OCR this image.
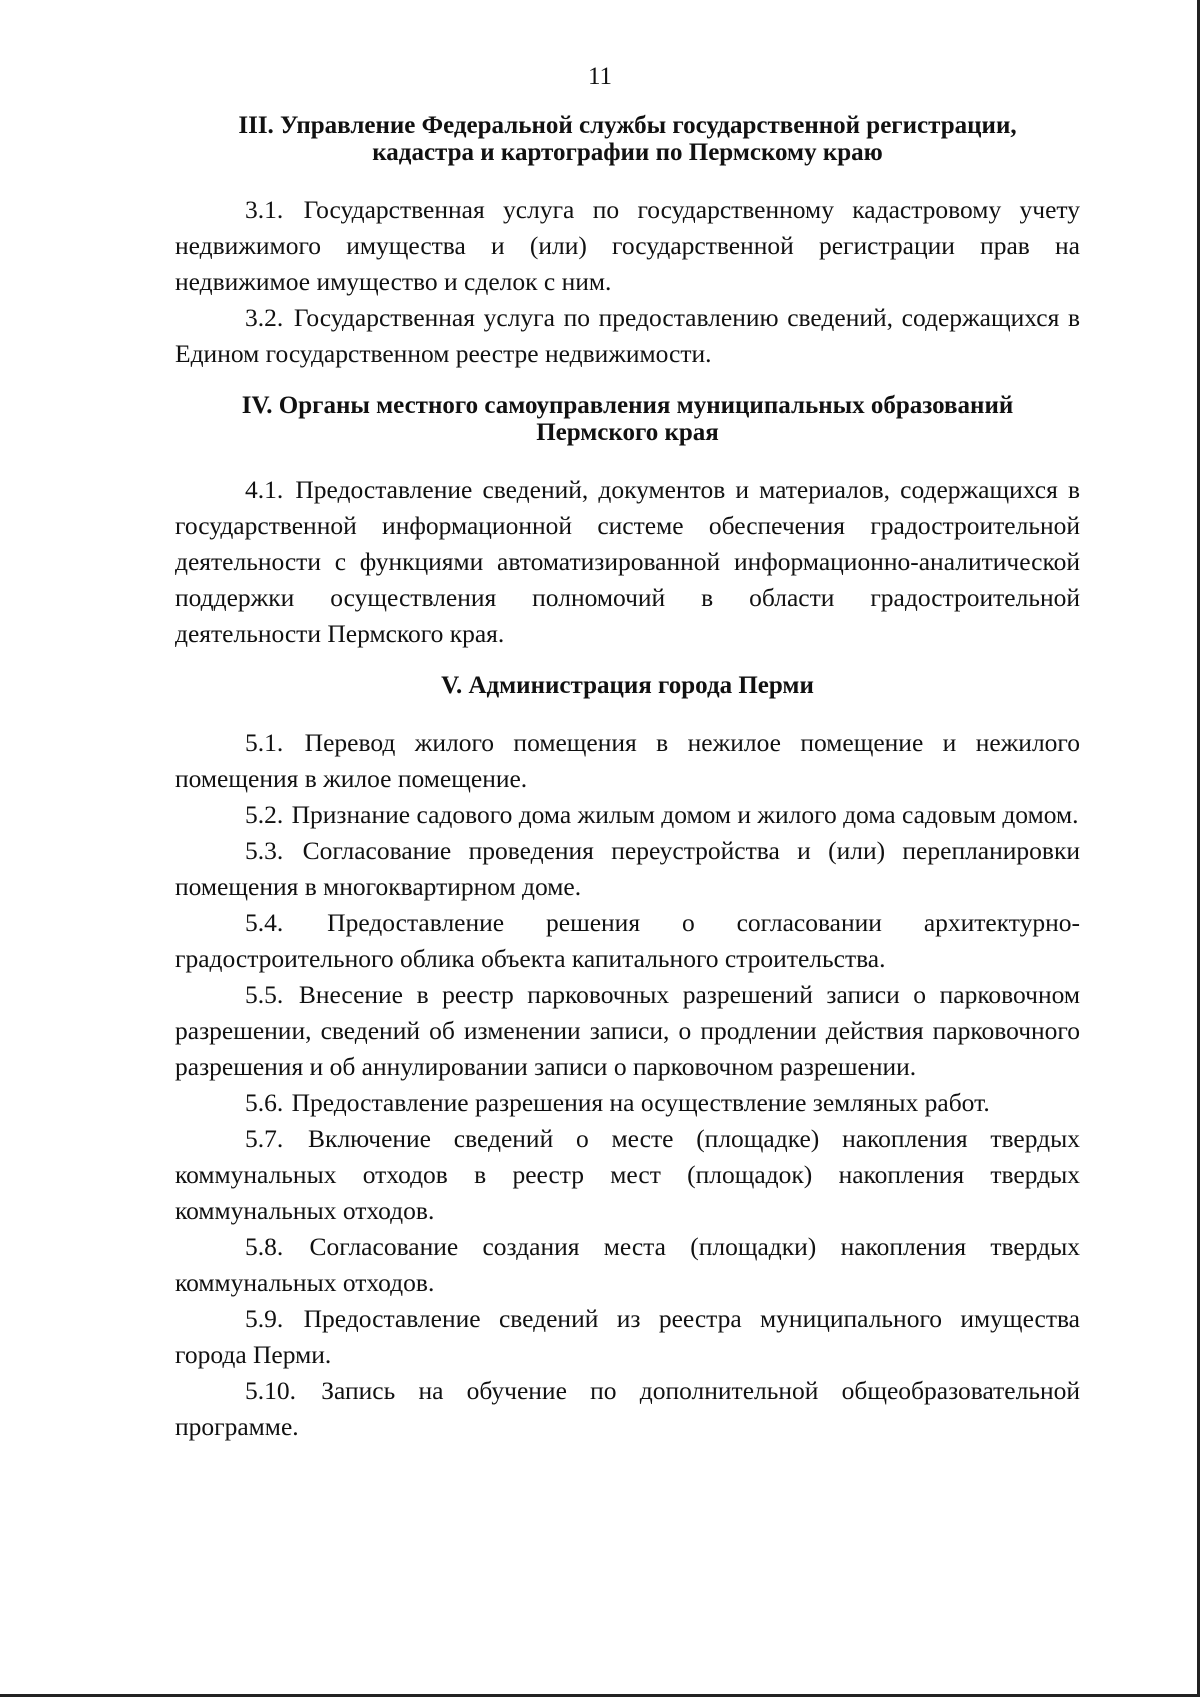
11
III. Управление Федеральной службы государственной регистрации,
кадастра и картографии по Пермскому краю

3.1. Государственная услуга по государственному кадастровому учету недвижимого имущества и (или) государственной регистрации прав на недвижимое имущество и сделок с ним.

3.2. Государственная услуга по предоставлению сведений, содержащихся в Едином государственном реестре недвижимости.

IV. Органы местного самоуправления муниципальных образований
Пермского края

4.1. Предоставление сведений, документов и материалов, содержащихся в государственной информационной системе обеспечения градостроительной деятельности с функциями автоматизированной информационно-аналитической поддержки осуществления полномочий в области градостроительной деятельности Пермского края.

V. Администрация города Перми

5.1. Перевод жилого помещения в нежилое помещение и нежилого помещения в жилое помещение.

5.2. Признание садового дома жилым домом и жилого дома садовым домом.

5.3. Согласование проведения переустройства и (или) перепланировки помещения в многоквартирном доме.

5.4. Предоставление решения о согласовании архитектурно-градостроительного облика объекта капитального строительства.

5.5. Внесение в реестр парковочных разрешений записи о парковочном разрешении, сведений об изменении записи, о продлении действия парковочного разрешения и об аннулировании записи о парковочном разрешении.

5.6. Предоставление разрешения на осуществление земляных работ.

5.7. Включение сведений о месте (площадке) накопления твердых коммунальных отходов в реестр мест (площадок) накопления твердых коммунальных отходов.

5.8. Согласование создания места (площадки) накопления твердых коммунальных отходов.

5.9. Предоставление сведений из реестра муниципального имущества города Перми.

5.10. Запись на обучение по дополнительной общеобразовательной программе.
